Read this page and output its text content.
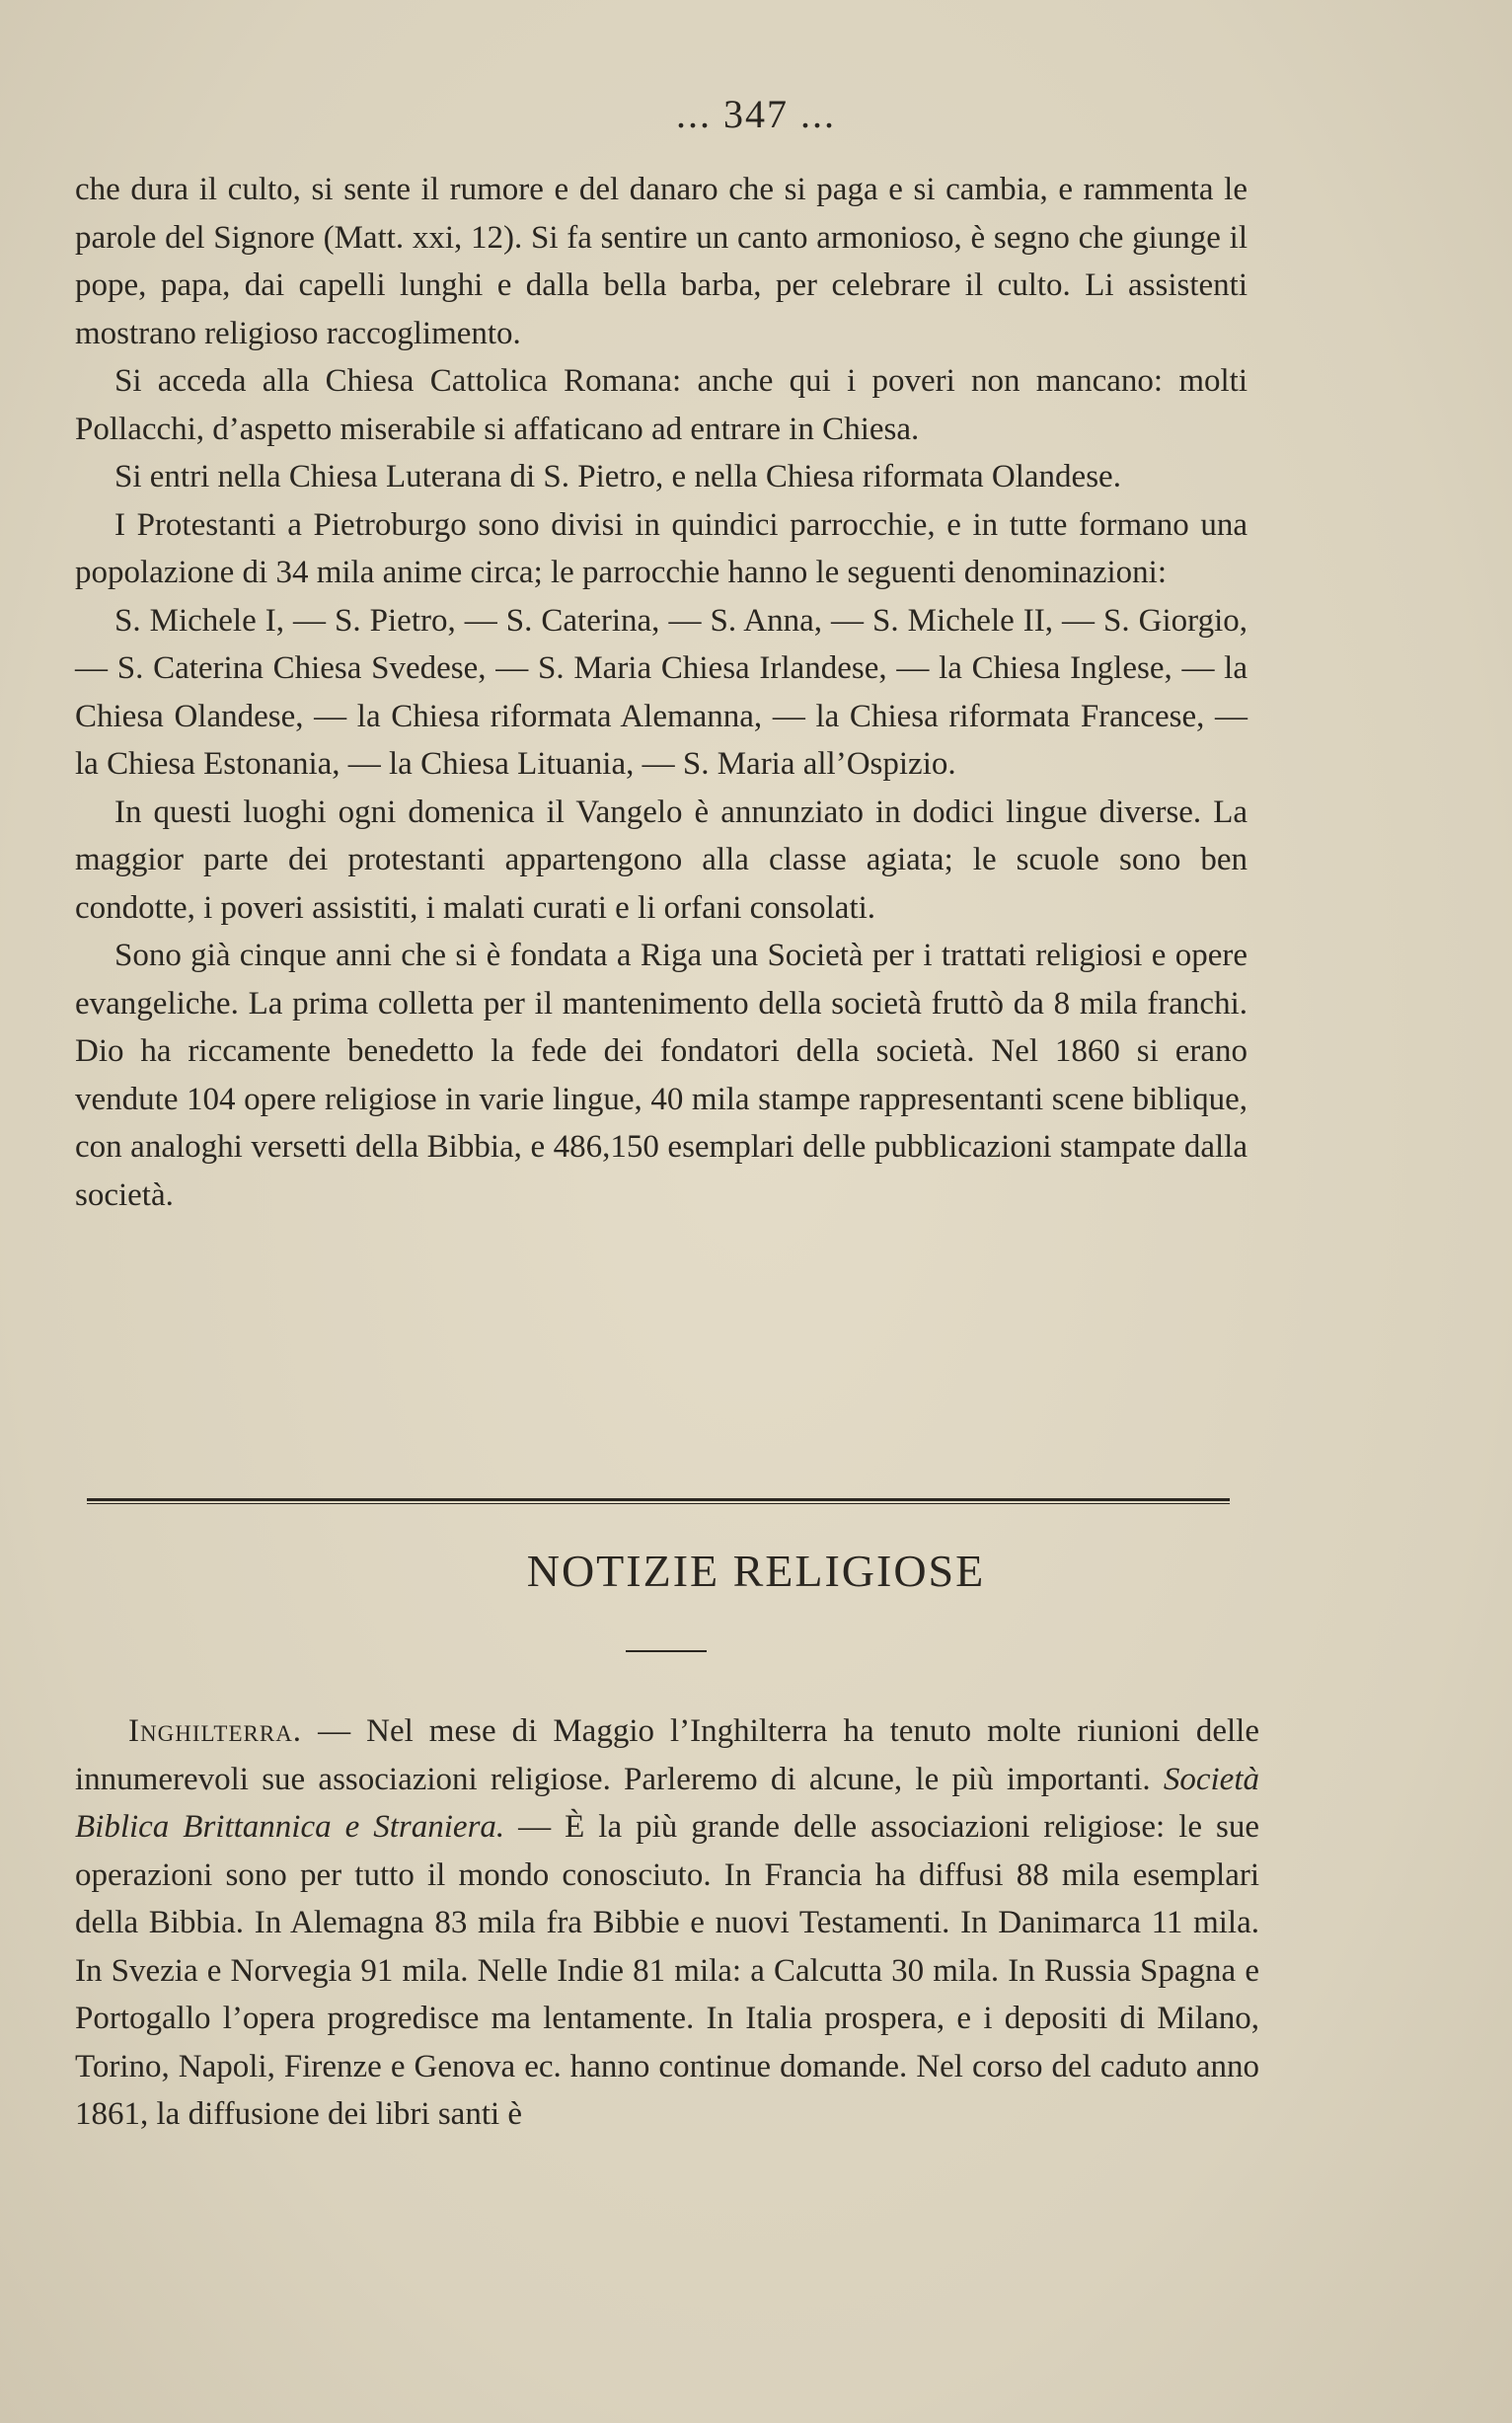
... 347 ...

che dura il culto, si sente il rumore e del danaro che si paga e si cambia, e rammenta le parole del Signore (Matt. xxi, 12). Si fa sentire un canto armonioso, è segno che giunge il pope, papa, dai capelli lunghi e dalla bella barba, per celebrare il culto. Li assistenti mostrano religioso raccoglimento.

Si acceda alla Chiesa Cattolica Romana: anche qui i poveri non mancano: molti Pollacchi, d’aspetto miserabile si affaticano ad entrare in Chiesa.

Si entri nella Chiesa Luterana di S. Pietro, e nella Chiesa riformata Olandese.

I Protestanti a Pietroburgo sono divisi in quindici parrocchie, e in tutte formano una popolazione di 34 mila anime circa; le parrocchie hanno le seguenti denominazioni:

S. Michele I, — S. Pietro, — S. Caterina, — S. Anna, — S. Michele II, — S. Giorgio, — S. Caterina Chiesa Svedese, — S. Maria Chiesa Irlandese, — la Chiesa Inglese, — la Chiesa Olandese, — la Chiesa riformata Alemanna, — la Chiesa riformata Francese, — la Chiesa Estonania, — la Chiesa Lituania, — S. Maria all’Ospizio.

In questi luoghi ogni domenica il Vangelo è annunziato in dodici lingue diverse. La maggior parte dei protestanti appartengono alla classe agiata; le scuole sono ben condotte, i poveri assistiti, i malati curati e li orfani consolati.

Sono già cinque anni che si è fondata a Riga una Società per i trattati religiosi e opere evangeliche. La prima colletta per il mantenimento della società fruttò da 8 mila franchi. Dio ha riccamente benedetto la fede dei fondatori della società. Nel 1860 si erano vendute 104 opere religiose in varie lingue, 40 mila stampe rappresentanti scene biblique, con analoghi versetti della Bibbia, e 486,150 esemplari delle pubblicazioni stampate dalla società.

NOTIZIE RELIGIOSE

Inghilterra. — Nel mese di Maggio l’Inghilterra ha tenuto molte riunioni delle innumerevoli sue associazioni religiose. Parleremo di alcune, le più importanti. Società Biblica Brittannica e Straniera. — È la più grande delle associazioni religiose: le sue operazioni sono per tutto il mondo conosciuto. In Francia ha diffusi 88 mila esemplari della Bibbia. In Alemagna 83 mila fra Bibbie e nuovi Testamenti. In Danimarca 11 mila. In Svezia e Norvegia 91 mila. Nelle Indie 81 mila: a Calcutta 30 mila. In Russia Spagna e Portogallo l’opera progredisce ma lentamente. In Italia prospera, e i depositi di Milano, Torino, Napoli, Firenze e Genova ec. hanno continue domande. Nel corso del caduto anno 1861, la diffusione dei libri santi è
